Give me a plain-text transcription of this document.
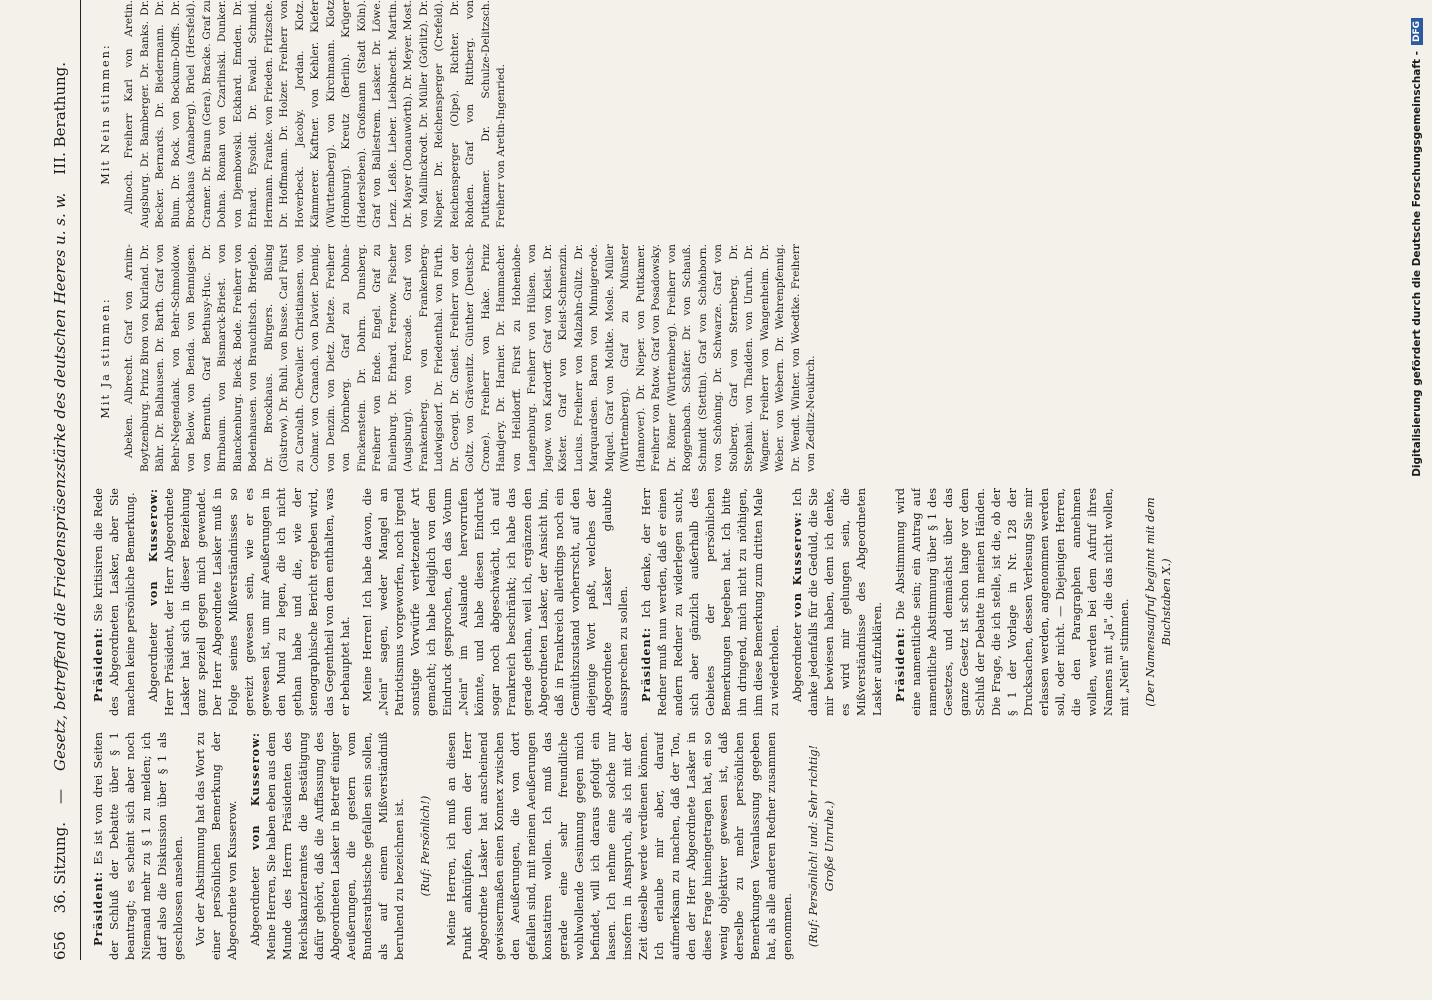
656
36. Sitzung.
—
Gesetz, betreffend die Friedenspräsenzstärke des deutschen Heeres u. s. w.
III. Berathung.

Präsident: Es ist von drei Seiten der Schluß der Debatte über § 1 beantragt; es scheint sich aber noch Niemand mehr zu § 1 zu melden; ich darf also die Diskussion über § 1 als geschlossen ansehen. Vor der Abstimmung hat das Wort zu einer persönlichen Bemerkung der Abgeordnete von Kusserow. Abgeordneter von Kusserow: Meine Herren, Sie haben eben aus dem Munde des Herrn Präsidenten des Reichskanzleramtes die Bestätigung dafür gehört, daß die Auffassung des Abgeordneten Lasker in Betreff einiger Aeußerungen, die gestern vom Bundesrathstische gefallen sein sollen, als auf einem Mißverständniß beruhend zu bezeichnen ist. (Ruf: Persönlich!) Meine Herren, ich muß an diesen Punkt anknüpfen, denn der Herr Abgeordnete Lasker hat anscheinend gewissermaßen einen Konnex zwischen den Aeußerungen, die von dort gefallen sind, mit meinen Aeußerungen konstatiren wollen. Ich muß das gerade eine sehr freundliche wohlwollende Gesinnung gegen mich befindet, will ich daraus gefolgt ein lassen. Ich nehme eine solche nur insofern in Anspruch, als ich mit der Zeit dieselbe werde verdienen können. Ich erlaube mir aber, darauf aufmerksam zu machen, daß der Ton, den der Herr Abgeordnete Lasker in diese Frage hineingetragen hat, ein so wenig objektiver gewesen ist, daß derselbe zu mehr persönlichen Bemerkungen Veranlassung gegeben hat, als alle anderen Redner zusammen genommen. (Ruf: Persönlich! und: Sehr richtig! Große Unruhe.)

Präsident: Sie kritisiren die Rede des Abgeordneten Lasker, aber Sie machen keine persönliche Bemerkung. Abgeordneter von Kusserow: Herr Präsident, der Herr Abgeordnete Lasker hat sich in dieser Beziehung ganz speziell gegen mich gewendet. Der Herr Abgeordnete Lasker muß in Folge seines Mißverständnisses so gereizt gewesen sein, wie er es gewesen ist, um mir Aeußerungen in den Mund zu legen, die ich nicht gethan habe und die, wie der stenographische Bericht ergeben wird, das Gegentheil von dem enthalten, was er behauptet hat. Meine Herren! Ich habe davon, die „Nein" sagen, weder Mangel an Patriotismus vorgeworfen, noch irgend sonstige Vorwürfe verletzender Art gemacht; ich habe lediglich von dem Eindruck gesprochen, den das Votum „Nein" im Auslande hervorrufen könnte, und habe diesen Eindruck sogar noch abgeschwächt, ich auf Frankreich beschränkt; ich habe das gerade gethan, weil ich, ergänzen den Abgeordneten Lasker, der Ansicht bin, daß in Frankreich allerdings noch ein Gemüthszustand vorherrscht, auf den diejenige Wort paßt, welches der Abgeordnete Lasker glaubte aussprechen zu sollen. Präsident: Ich denke, der Herr Redner muß nun werden, daß er einen andern Redner zu widerlegen sucht, sich aber gänzlich außerhalb des Gebietes der persönlichen Bemerkungen begeben hat. Ich bitte ihn dringend, mich nicht zu nöthigen, ihm diese Bemerkung zum dritten Male zu wiederholen. Abgeordneter von Kusserow: Ich danke jedenfalls für die Geduld, die Sie mir bewiesen haben, denn ich denke, es wird mir gelungen sein, die Mißverständnisse des Abgeordneten Lasker aufzuklären. Präsident: Die Abstimmung wird eine namentliche sein; ein Antrag auf namentliche Abstimmung über § 1 des Gesetzes, und demnächst über das ganze Gesetz ist schon lange vor dem Schluß der Debatte in meinen Händen. Die Frage, die ich stelle, ist die, ob der § 1 der Vorlage in Nr. 128 der Drucksachen, dessen Verlesung Sie mir erlassen werden, angenommen werden soll, oder nicht. — Diejenigen Herren, die den Paragraphen annehmen wollen, werden bei dem Aufruf ihres Namens mit „Ja", die das nicht wollen, mit „Nein" stimmen. (Der Namensaufruf beginnt mit dem Buchstaben X.)

Mit Ja stimmen: Abeken. Albrecht. Graf von Arnim-Boytzenburg. Prinz Biron von Kurland. Dr. Bähr. Dr. Balhausen. Dr. Barth. Graf von Behr-Negendank. von Behr-Schmoldow. von Below. von Benda. von Bennigsen. von Bernuth. Graf Bethusy-Huc. Dr. Birnbaum. von Bismarck-Briest. von Blanckenburg. Bieck. Bode. Freiherr von Bodenhausen. von Brauchitsch. Briegleb. Dr. Brockhaus. Bürgers. Büsing (Güstrow). Dr. Buhl. von Busse. Carl Fürst zu Carolath. Chevalier. Christiansen. von Colmar. von Cranach. von Davier. Dennig. von Denzin. von Dietz. Dietze. Freiherr von Dörnberg. Graf zu Dohna-Finckenstein. Dr. Dohrn. Dunsberg. Freiherr von Ende. Engel. Graf zu Eulenburg. Dr. Erhard. Fernow. Fischer (Augsburg). von Forcade. Graf von Frankenberg. von Frankenberg-Ludwigsdorf. Dr. Friedenthal. von Fürth. Dr. Georgi. Dr. Gneist. Freiherr von der Goltz. von Grävenitz. Günther (Deutsch-Crone). Freiherr von Hake. Prinz Handjery. Dr. Harnier. Dr. Hammacher. von Helldorff. Fürst zu Hohenlohe-Langenburg. Freiherr von Hülsen. von Jagow. von Kardorff. Graf von Kleist. Dr. Köster. Graf von Kleist-Schmenzin. Lucius. Freiherr von Malzahn-Gültz. Dr. Marquardsen. Baron von Minnigerode. Miquel. Graf von Moltke. Mosle. Müller (Württemberg). Graf zu Münster (Hannover). Dr. Nieper. von Puttkamer. Freiherr von Patow. Graf von Posadowsky. Dr. Römer (Württemberg). Freiherr von Roggenbach. Schäfer. Dr. von Schauß. Schmidt (Stettin). Graf von Schönborn. von Schöning. Dr. Schwarze. Graf von Stolberg. Graf von Sternberg. Dr. Stephani. von Thadden. von Unruh. Dr. Wagner. Freiherr von Wangenheim. Dr. Weber. von Webern. Dr. Wehrenpfennig. Dr. Wendt. Winter. von Woedtke. Freiherr von Zedlitz-Neukirch.

Mit Nein stimmen: Allnoch. Freiherr Karl von Aretin. Augsburg. Dr. Bamberger. Dr. Banks. Dr. Becker. Bernards. Dr. Biedermann. Dr. Blum. Dr. Bock. von Bockum-Dolffs. Dr. Brockhaus (Annaberg). Brüel (Hersfeld). Cramer. Dr. Braun (Gera). Bracke. Graf zu Dohna. Roman von Czarlinski. Dunker. von Djembowski. Eckhard. Emden. Dr. Erhard. Eysoldt. Dr. Ewald. Schmid. Hermann. Franke. von Frieden. Fritzsche. Dr. Hoffmann. Dr. Holzer. Freiherr von Hoverbeck. Jacoby. Jordan. Klotz. Kämmerer. Kaftner. von Kehler. Kiefer (Württemberg). von Kirchmann. Klotz (Homburg). Kreutz (Berlin). Krüger (Hadersleben). Großmann (Stadt Köln). Graf von Ballestrem. Lasker. Dr. Löwe. Lenz. Leßle. Lieber. Liebknecht. Martin. Dr. Mayer (Donauwörth). Dr. Meyer. Most. von Mallinckrodt. Dr. Müller (Görlitz). Dr. Nieper. Dr. Reichensperger (Crefeld). Reichensperger (Olpe). Richter. Dr. Rohden. Graf von Rittberg. von Puttkamer. Dr. Schulze-Delitzsch. Freiherr von Aretin-Ingenried.	Digitalisierung gefördert durch die Deutsche Forschungsgemeinschaft -
DFG
